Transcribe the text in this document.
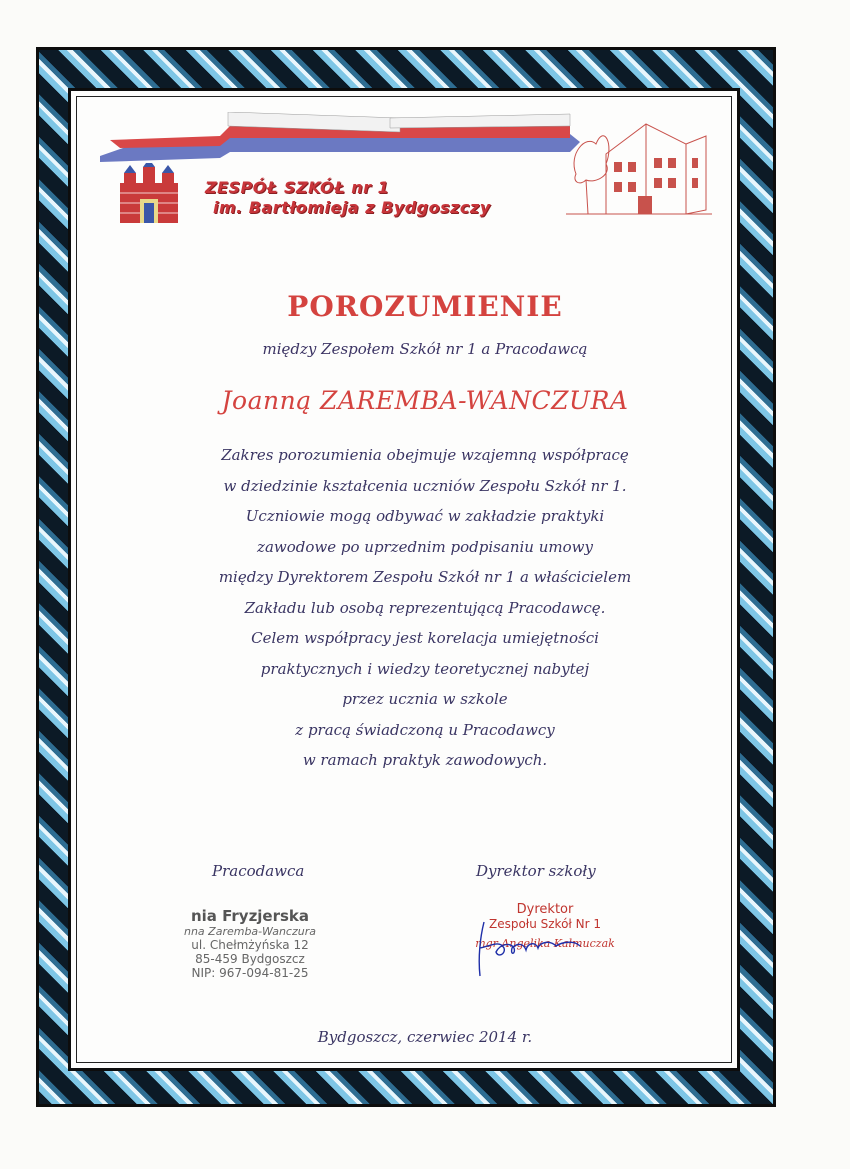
ZESPÓŁ SZKÓŁ nr 1
im. Bartłomieja z Bydgoszczy
POROZUMIENIE
między Zespołem Szkół nr 1 a Pracodawcą
Joanną ZAREMBA-WANCZURA
Zakres porozumienia obejmuje wzajemną współpracę
w dziedzinie kształcenia uczniów Zespołu Szkół nr 1.
Uczniowie mogą odbywać w zakładzie praktyki
zawodowe po uprzednim podpisaniu umowy
między Dyrektorem Zespołu Szkół nr 1 a właścicielem
Zakładu lub osobą reprezentującą Pracodawcę.
Celem współpracy jest korelacja umiejętności
praktycznych i wiedzy teoretycznej nabytej
przez ucznia w szkole
z pracą świadczoną u Pracodawcy
w ramach praktyk zawodowych.
Pracodawca	Dyrektor szkoły
nia Fryzjerska
nna Zaremba-Wanczura
ul. Chełmżyńska 12
85-459 Bydgoszcz
NIP: 967-094-81-25
Dyrektor
Zespołu Szkół Nr 1
mgr Angelika Kałmuczak
Bydgoszcz, czerwiec 2014 r.
